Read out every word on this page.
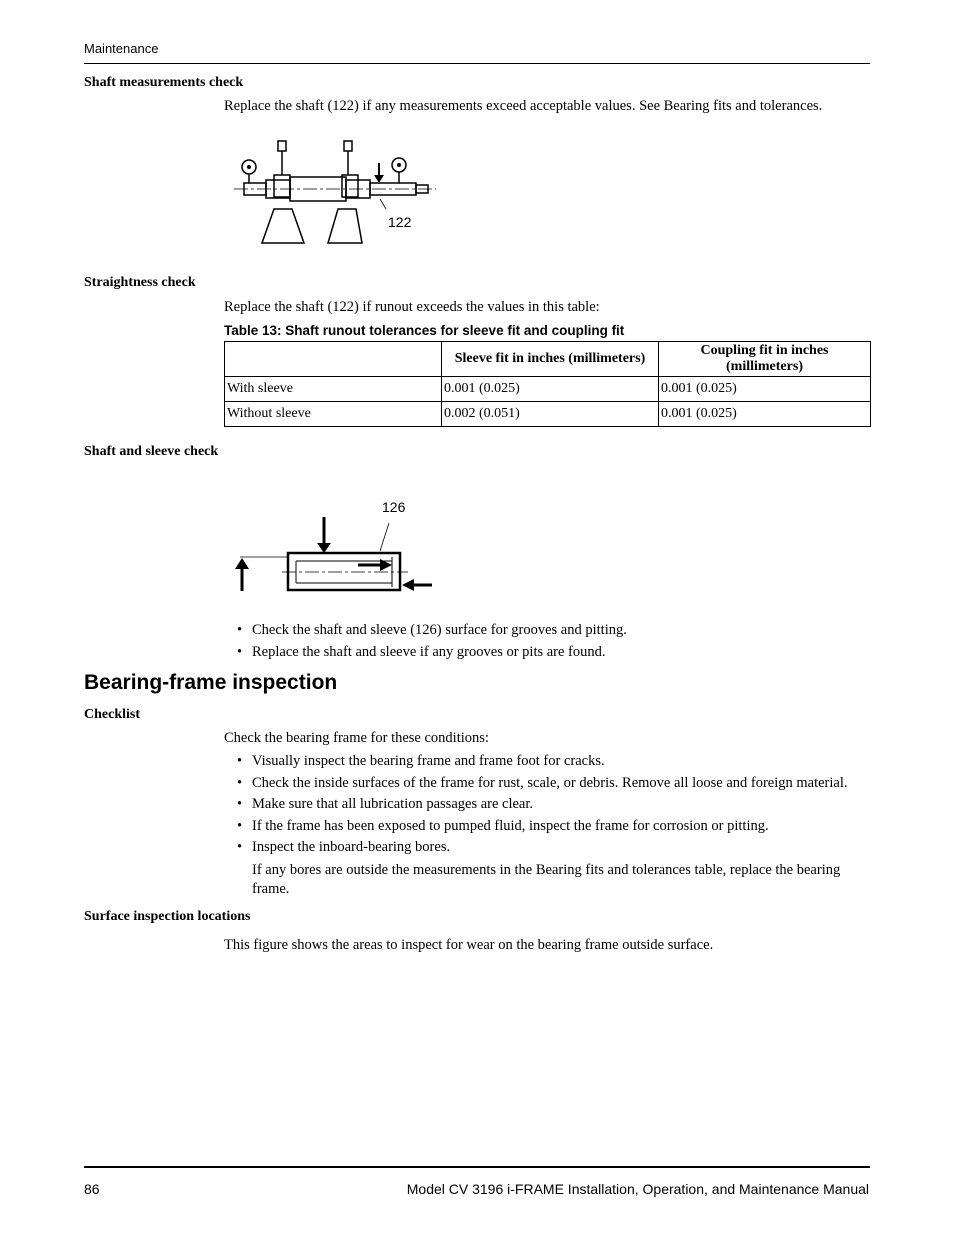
Maintenance
Shaft measurements check
Replace the shaft (122) if any measurements exceed acceptable values. See Bearing fits and tolerances.
122
Straightness check
Replace the shaft (122) if runout exceeds the values in this table:
Table 13: Shaft runout tolerances for sleeve fit and coupling fit
	Sleeve fit in inches (millimeters)	Coupling fit in inches (millimeters)
With sleeve	0.001 (0.025)	0.001 (0.025)
Without sleeve	0.002 (0.051)	0.001 (0.025)
Shaft and sleeve check
126
• Check the shaft and sleeve (126) surface for grooves and pitting.
• Replace the shaft and sleeve if any grooves or pits are found.
Bearing-frame inspection
Checklist
Check the bearing frame for these conditions:
• Visually inspect the bearing frame and frame foot for cracks.
• Check the inside surfaces of the frame for rust, scale, or debris. Remove all loose and foreign material.
• Make sure that all lubrication passages are clear.
• If the frame has been exposed to pumped fluid, inspect the frame for corrosion or pitting.
• Inspect the inboard-bearing bores.
If any bores are outside the measurements in the Bearing fits and tolerances table, replace the bearing frame.
Surface inspection locations
This figure shows the areas to inspect for wear on the bearing frame outside surface.
86	Model CV 3196 i-FRAME Installation, Operation, and Maintenance Manual
